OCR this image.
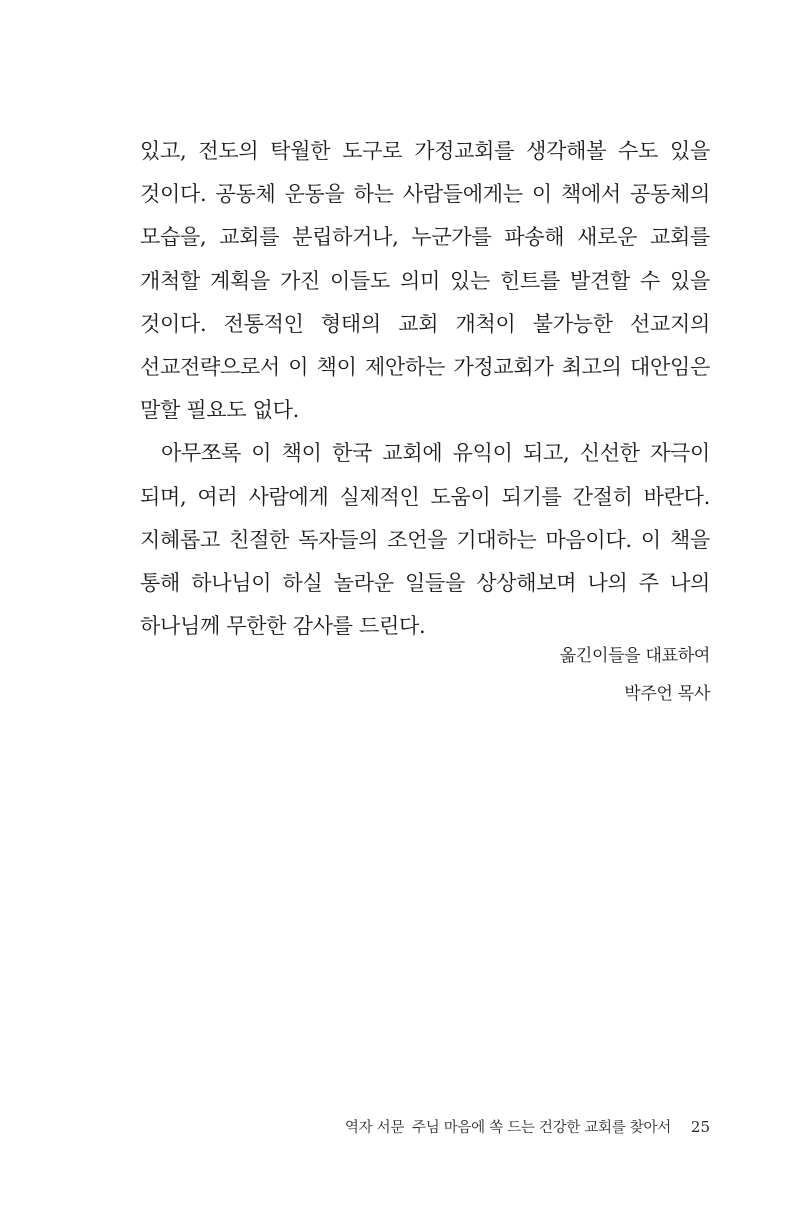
있고, 전도의 탁월한 도구로 가정교회를 생각해볼 수도 있을 것이다. 공동체 운동을 하는 사람들에게는 이 책에서 공동체의 모습을, 교회를 분립하거나, 누군가를 파송해 새로운 교회를 개척할 계획을 가진 이들도 의미 있는 힌트를 발견할 수 있을 것이다. 전통적인 형태의 교회 개척이 불가능한 선교지의 선교전략으로서 이 책이 제안하는 가정교회가 최고의 대안임은 말할 필요도 없다.

아무쪼록 이 책이 한국 교회에 유익이 되고, 신선한 자극이 되며, 여러 사람에게 실제적인 도움이 되기를 간절히 바란다. 지혜롭고 친절한 독자들의 조언을 기대하는 마음이다. 이 책을 통해 하나님이 하실 놀라운 일들을 상상해보며 나의 주 나의 하나님께 무한한 감사를 드린다.

옮긴이들을 대표하여
박주언 목사
역자 서문 주님 마음에 쏙 드는 건강한 교회를 찾아서 25
